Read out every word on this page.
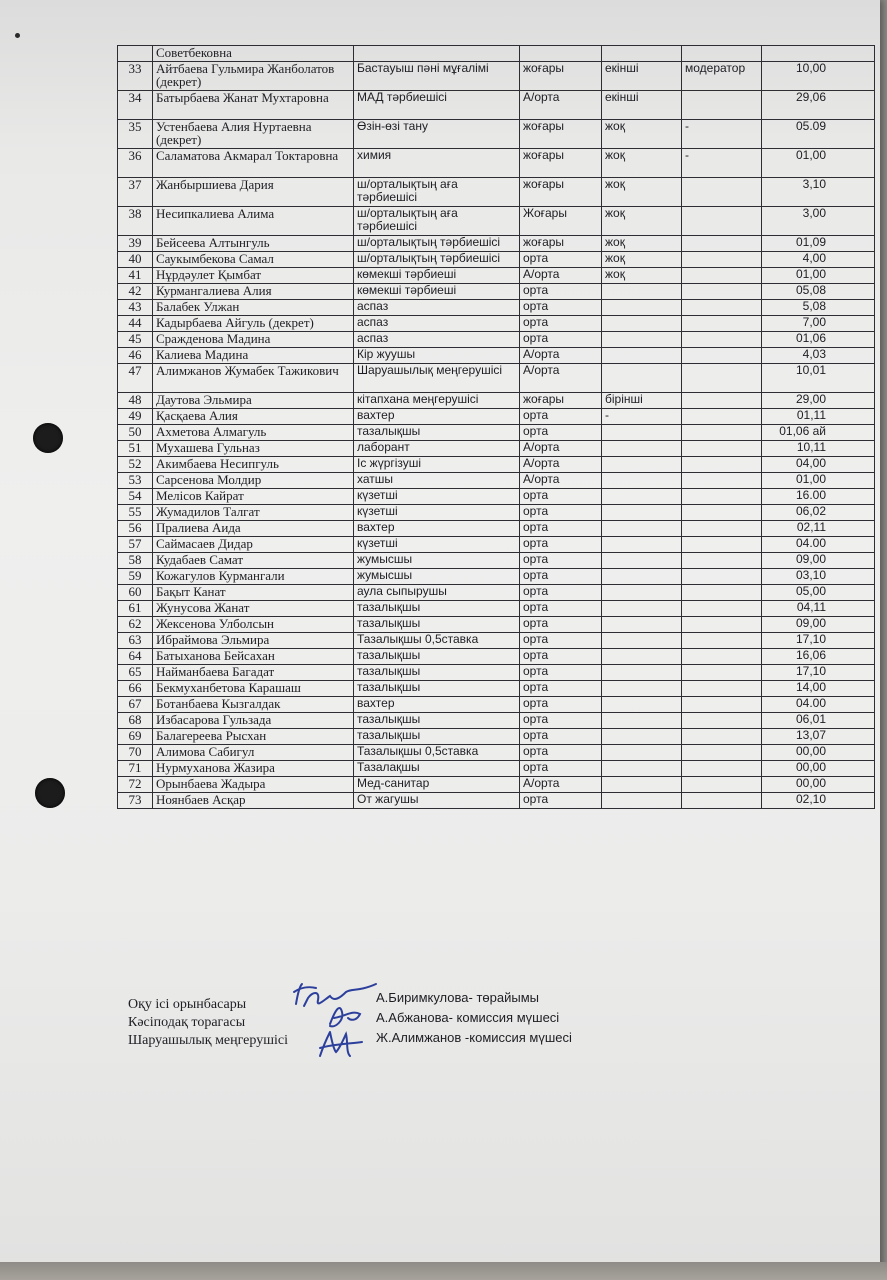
	Советбековна					
33	Айтбаева Гульмира Жанболатов (декрет)	Бастауыш пәні мұғалімі	жоғары	екінші	модератор	10,00
34	Батырбаева Жанат Мухтаровна	МАД тәрбиешісі	А/орта	екінші		29,06
35	Устенбаева Алия Нуртаевна (декрет)	Өзін-өзі тану	жоғары	жоқ	-	05.09
36	Саламатова Акмарал Токтаровна	химия	жоғары	жоқ	-	01,00
37	Жанбыршиева Дария	ш/орталықтың аға тәрбиешісі	жоғары	жоқ		3,10
38	Несипкалиева Алима	ш/орталықтың аға тәрбиешісі	Жоғары	жоқ		3,00
39	Бейсеева Алтынгуль	ш/орталықтың тәрбиешісі	жоғары	жоқ		01,09
40	Саукымбекова Самал	ш/орталықтың тәрбиешісі	орта	жоқ		4,00
41	Нұрдәулет Қымбат	көмекші тәрбиеші	А/орта	жоқ		01,00
42	Курмангалиева Алия	көмекші тәрбиеші	орта			05,08
43	Балабек Улжан	аспаз	орта			5,08
44	Кадырбаева Айгуль (декрет)	аспаз	орта			7,00
45	Сражденова Мадина	аспаз	орта			01,06
46	Калиева Мадина	Кір жуушы	А/орта			4,03
47	Алимжанов Жумабек Тажикович	Шаруашылық меңгерушісі	А/орта			10,01
48	Даутова Эльмира	кітапхана меңгерушісі	жоғары	бірінші		29,00
49	Қасқаева Алия	вахтер	орта	-		01,11
50	Ахметова Алмагуль	тазалықшы	орта			01,06 ай
51	Мухашева Гульназ	лаборант	А/орта			10,11
52	Акимбаева Несипгуль	Іс жүргізуші	А/орта			04,00
53	Сарсенова Молдир	хатшы	А/орта			01,00
54	Мелісов Кайрат	күзетші	орта			16.00
55	Жумадилов Талгат	күзетші	орта			06,02
56	Пралиева Аида	вахтер	орта			02,11
57	Саймасаев Дидар	күзетші	орта			04.00
58	Кудабаев Самат	жумысшы	орта			09,00
59	Кожагулов Курмангали	жумысшы	орта			03,10
60	Бақыт Канат	аула сыпырушы	орта			05,00
61	Жунусова Жанат	тазалықшы	орта			04,11
62	Жексенова Улболсын	тазалықшы	орта			09,00
63	Ибраймова Эльмира	Тазалықшы 0,5ставка	орта			17,10
64	Батыханова Бейсахан	тазалықшы	орта			16,06
65	Найманбаева Багадат	тазалықшы	орта			17,10
66	Бекмуханбетова Карашаш	тазалықшы	орта			14,00
67	Ботанбаева Кызгалдак	вахтер	орта			04.00
68	Избасарова Гульзада	тазалықшы	орта			06,01
69	Балагереева Рысхан	тазалықшы	орта			13,07
70	Алимова Сабигул	Тазалықшы 0,5ставка	орта			00,00
71	Нурмуханова Жазира	Тазалақшы	орта			00,00
72	Орынбаева Жадыра	Мед-санитар	А/орта			00,00
73	Ноянбаев Асқар	От жагушы	орта			02,10
Оқу ісі орынбасары
Кәсіподақ торагасы
Шаруашылық меңгерушісі
А.Биримкулова- төрайымы
А.Абжанова- комиссия мүшесі
Ж.Алимжанов -комиссия мүшесі
